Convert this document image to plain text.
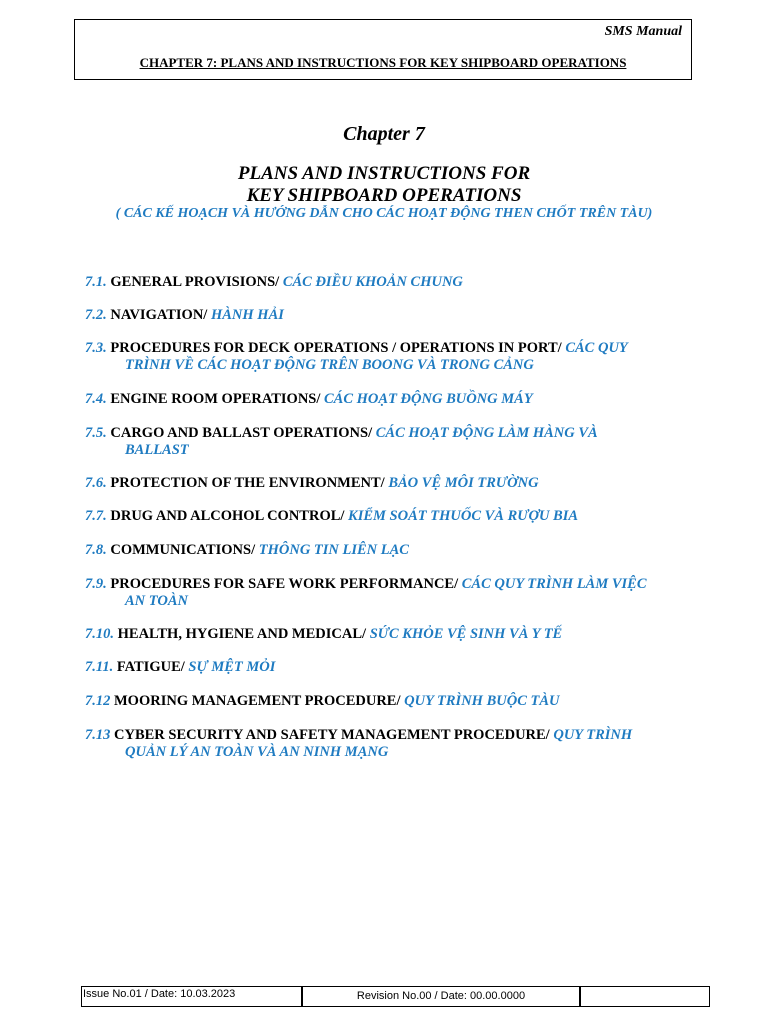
SMS Manual
CHAPTER 7: PLANS AND INSTRUCTIONS FOR KEY SHIPBOARD OPERATIONS
Chapter 7
PLANS AND INSTRUCTIONS FOR
KEY SHIPBOARD OPERATIONS
( CÁC KẾ HOẠCH VÀ HƯỚNG DẪN CHO CÁC HOẠT ĐỘNG THEN CHỐT TRÊN TÀU)
7.1. GENERAL PROVISIONS/ CÁC ĐIỀU KHOẢN CHUNG
7.2. NAVIGATION/ HÀNH HẢI
7.3. PROCEDURES FOR DECK OPERATIONS / OPERATIONS IN PORT/ CÁC QUY
TRÌNH VỀ CÁC HOẠT ĐỘNG TRÊN BOONG VÀ TRONG CẢNG
7.4. ENGINE ROOM OPERATIONS/ CÁC HOẠT ĐỘNG BUỒNG MÁY
7.5. CARGO AND BALLAST OPERATIONS/ CÁC HOẠT ĐỘNG LÀM HÀNG VÀ
BALLAST
7.6. PROTECTION OF THE ENVIRONMENT/ BẢO VỆ MÔI TRƯỜNG
7.7. DRUG AND ALCOHOL CONTROL/ KIỂM SOÁT THUỐC VÀ RƯỢU BIA
7.8. COMMUNICATIONS/ THÔNG TIN LIÊN LẠC
7.9. PROCEDURES FOR SAFE WORK PERFORMANCE/ CÁC QUY TRÌNH LÀM VIỆC
AN TOÀN
7.10. HEALTH, HYGIENE AND MEDICAL/ SỨC KHỎE VỆ SINH VÀ Y TẾ
7.11. FATIGUE/ SỰ MỆT MỎI
7.12 MOORING MANAGEMENT PROCEDURE/ QUY TRÌNH BUỘC TÀU
7.13 CYBER SECURITY AND SAFETY MANAGEMENT PROCEDURE/ QUY TRÌNH
QUẢN LÝ AN TOÀN VÀ AN NINH MẠNG
Issue No.01 / Date: 10.03.2023	Revision No.00 / Date: 00.00.0000
